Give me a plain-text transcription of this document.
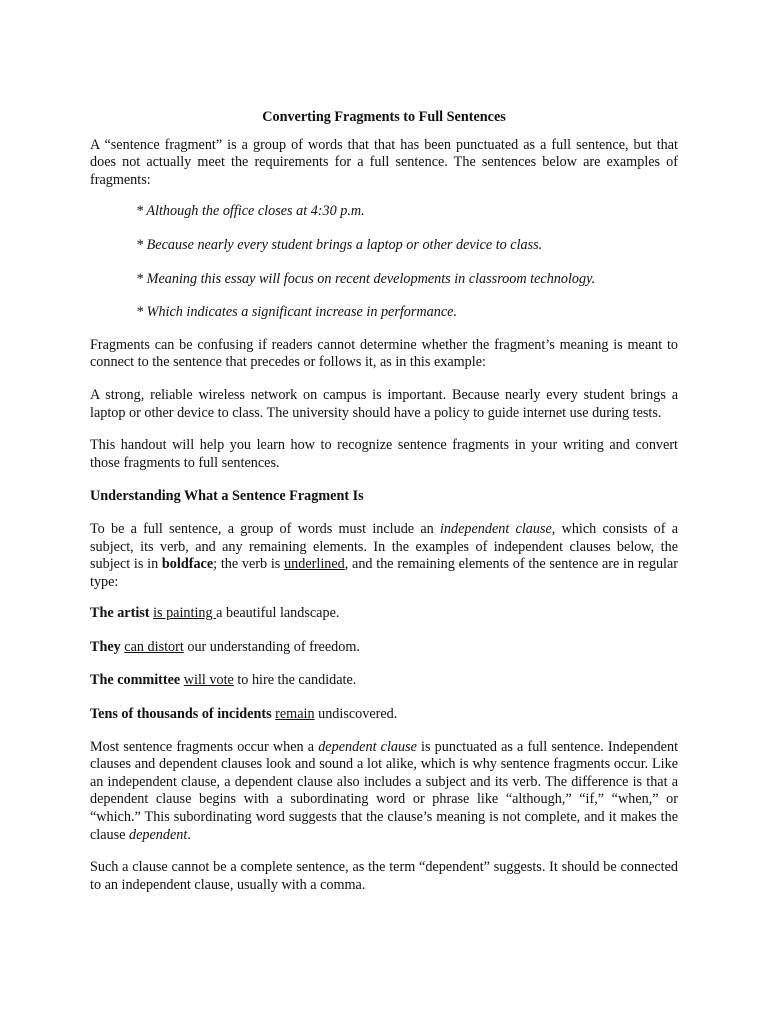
Converting Fragments to Full Sentences

A “sentence fragment” is a group of words that that has been punctuated as a full sentence, but that does not actually meet the requirements for a full sentence. The sentences below are examples of fragments:

* Although the office closes at 4:30 p.m.

* Because nearly every student brings a laptop or other device to class.

* Meaning this essay will focus on recent developments in classroom technology.

* Which indicates a significant increase in performance.

Fragments can be confusing if readers cannot determine whether the fragment’s meaning is meant to connect to the sentence that precedes or follows it, as in this example:

A strong, reliable wireless network on campus is important. Because nearly every student brings a laptop or other device to class. The university should have a policy to guide internet use during tests.

This handout will help you learn how to recognize sentence fragments in your writing and convert those fragments to full sentences.

Understanding What a Sentence Fragment Is

To be a full sentence, a group of words must include an independent clause, which consists of a subject, its verb, and any remaining elements. In the examples of independent clauses below, the subject is in boldface; the verb is underlined, and the remaining elements of the sentence are in regular type:

The artist is painting a beautiful landscape.

They can distort our understanding of freedom.

The committee will vote to hire the candidate.

Tens of thousands of incidents remain undiscovered.

Most sentence fragments occur when a dependent clause is punctuated as a full sentence. Independent clauses and dependent clauses look and sound a lot alike, which is why sentence fragments occur. Like an independent clause, a dependent clause also includes a subject and its verb. The difference is that a dependent clause begins with a subordinating word or phrase like “although,” “if,” “when,” or “which.” This subordinating word suggests that the clause’s meaning is not complete, and it makes the clause dependent.

Such a clause cannot be a complete sentence, as the term “dependent” suggests. It should be connected to an independent clause, usually with a comma.
